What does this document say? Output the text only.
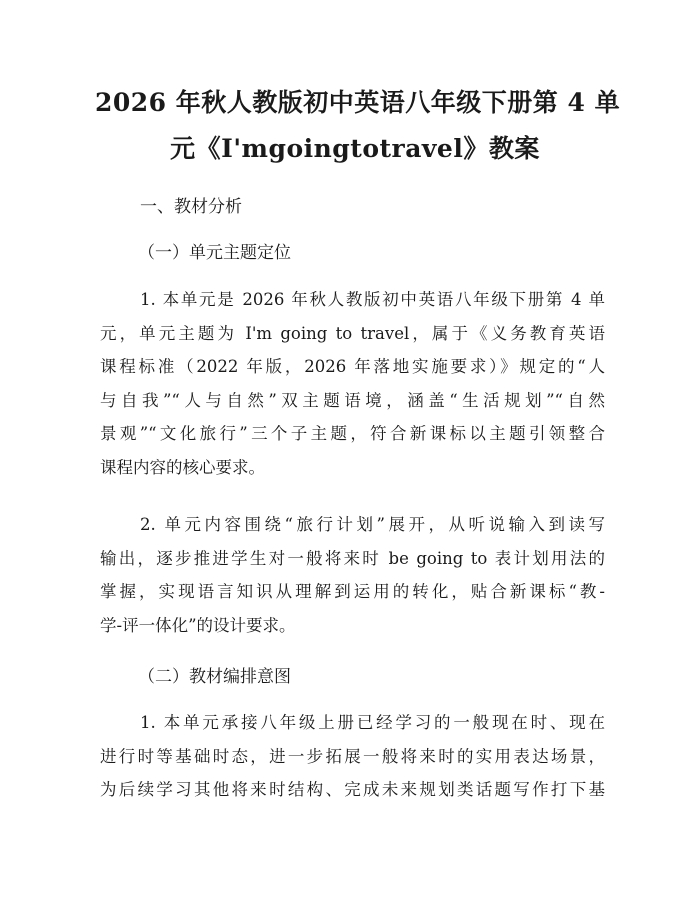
2026 年秋人教版初中英语八年级下册第 4 单
元《I'mgoingtotravel》教案

一、教材分析

（一）单元主题定位

1. 本单元是 2026 年秋人教版初中英语八年级下册第 4 单
元，单元主题为 I'm going to travel，属于《义务教育英语
课程标准（2022 年版，2026 年落地实施要求）》规定的“人
与自我”“人与自然”双主题语境，涵盖“生活规划”“自然
景观”“文化旅行”三个子主题，符合新课标以主题引领整合
课程内容的核心要求。
2. 单元内容围绕“旅行计划”展开，从听说输入到读写
输出，逐步推进学生对一般将来时 be going to 表计划用法的
掌握，实现语言知识从理解到运用的转化，贴合新课标“教-
学-评一体化”的设计要求。

（二）教材编排意图

1. 本单元承接八年级上册已经学习的一般现在时、现在
进行时等基础时态，进一步拓展一般将来时的实用表达场景，
为后续学习其他将来时结构、完成未来规划类话题写作打下基
